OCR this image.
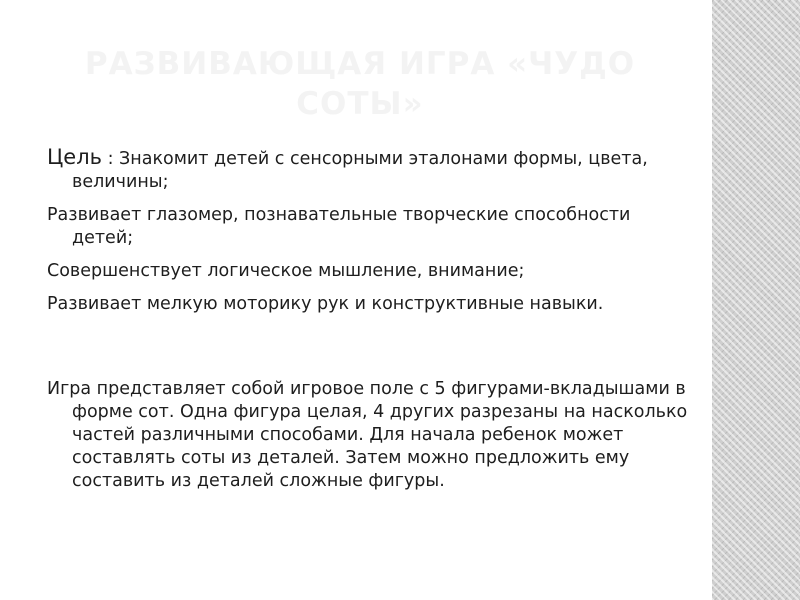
РАЗВИВАЮЩАЯ ИГРА «ЧУДО СОТЫ»

Цель : Знакомит детей с сенсорными эталонами формы, цвета, величины;

Развивает глазомер, познавательные творческие способности детей;

Совершенствует логическое мышление, внимание;

Развивает мелкую моторику рук и конструктивные навыки.

Игра представляет собой игровое поле с 5 фигурами-вкладышами в форме сот. Одна фигура целая, 4 других разрезаны на насколько частей различными способами. Для начала ребенок может составлять соты из деталей. Затем можно предложить ему составить из деталей сложные фигуры.
